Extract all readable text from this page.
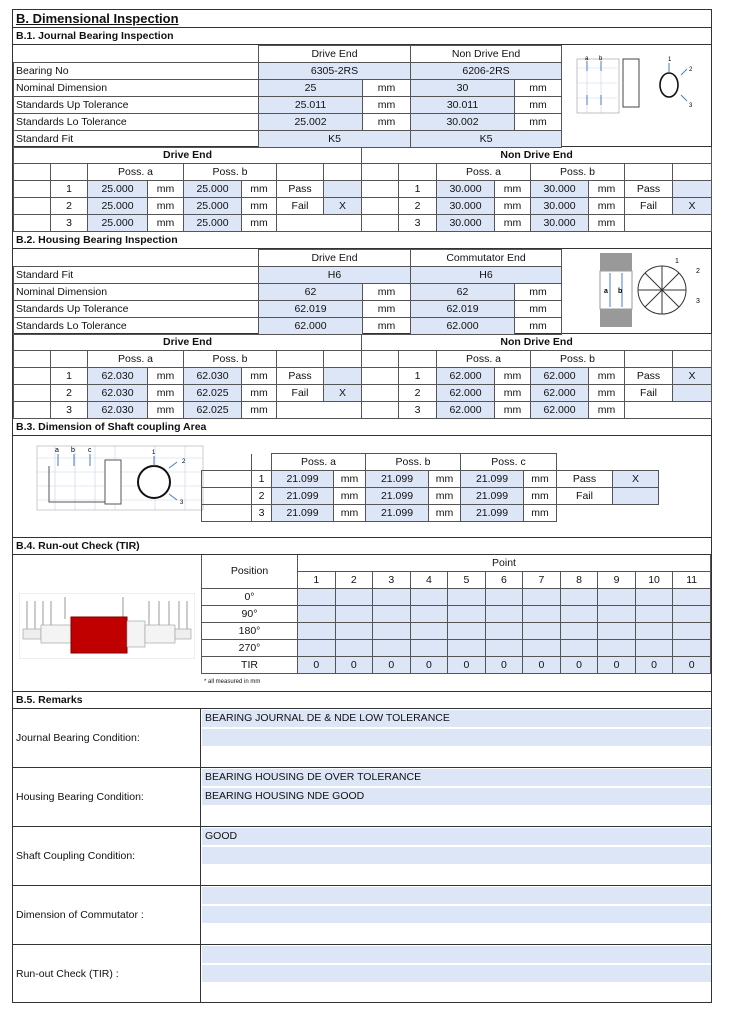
B. Dimensional Inspection
B.1. Journal Bearing Inspection
	Drive End		Non Drive End	
Bearing No	6305-2RS		6206-2RS	
Nominal Dimension	25	mm	30	mm
Standards Up Tolerance	25.011	mm	30.011	mm
Standards Lo Tolerance	25.002	mm	30.002	mm
Standard Fit	K5		K5	
a b	1
2
3
Drive End								Non Drive End							
		Poss. a		Poss. b						Poss. a		Poss. b			
	1	25.000	mm	25.000	mm	Pass			1	30.000	mm	30.000	mm	Pass	
	2	25.000	mm	25.000	mm	Fail	X		2	30.000	mm	30.000	mm	Fail	X
	3	25.000	mm	25.000	mm				3	30.000	mm	30.000	mm		
B.2. Housing Bearing Inspection
	Drive End		Commutator End	
Standard Fit	H6		H6	
Nominal Dimension	62	mm	62	mm
Standards Up Tolerance	62.019	mm	62.019	mm
Standards Lo Tolerance	62.000	mm	62.000	mm
a b
1
2
3
Drive End								Non Drive End							
		Poss. a		Poss. b						Poss. a		Poss. b			
	1	62.030	mm	62.030	mm	Pass			1	62.000	mm	62.000	mm	Pass	X
	2	62.030	mm	62.025	mm	Fail	X		2	62.000	mm	62.000	mm	Fail	
	3	62.030	mm	62.025	mm				3	62.000	mm	62.000	mm		
B.3. Dimension of Shaft coupling Area
a b c	1
2
3
		Poss. a		Poss. b		Poss. c			
	1	21.099	mm	21.099	mm	21.099	mm	Pass	X
	2	21.099	mm	21.099	mm	21.099	mm	Fail	
	3	21.099	mm	21.099	mm	21.099	mm		
B.4. Run-out Check (TIR)
Position	Point										
	1	2	3	4	5	6	7	8	9	10	11
0°											
90°											
180°											
270°											
TIR	0	0	0	0	0	0	0	0	0	0	0
* all measured in mm
B.5. Remarks
Journal Bearing Condition:
BEARING JOURNAL DE & NDE LOW TOLERANCE
Housing Bearing Condition:
BEARING HOUSING DE OVER TOLERANCE
BEARING HOUSING NDE GOOD
Shaft Coupling Condition:
GOOD
Dimension of Commutator :
Run-out Check (TIR) :
